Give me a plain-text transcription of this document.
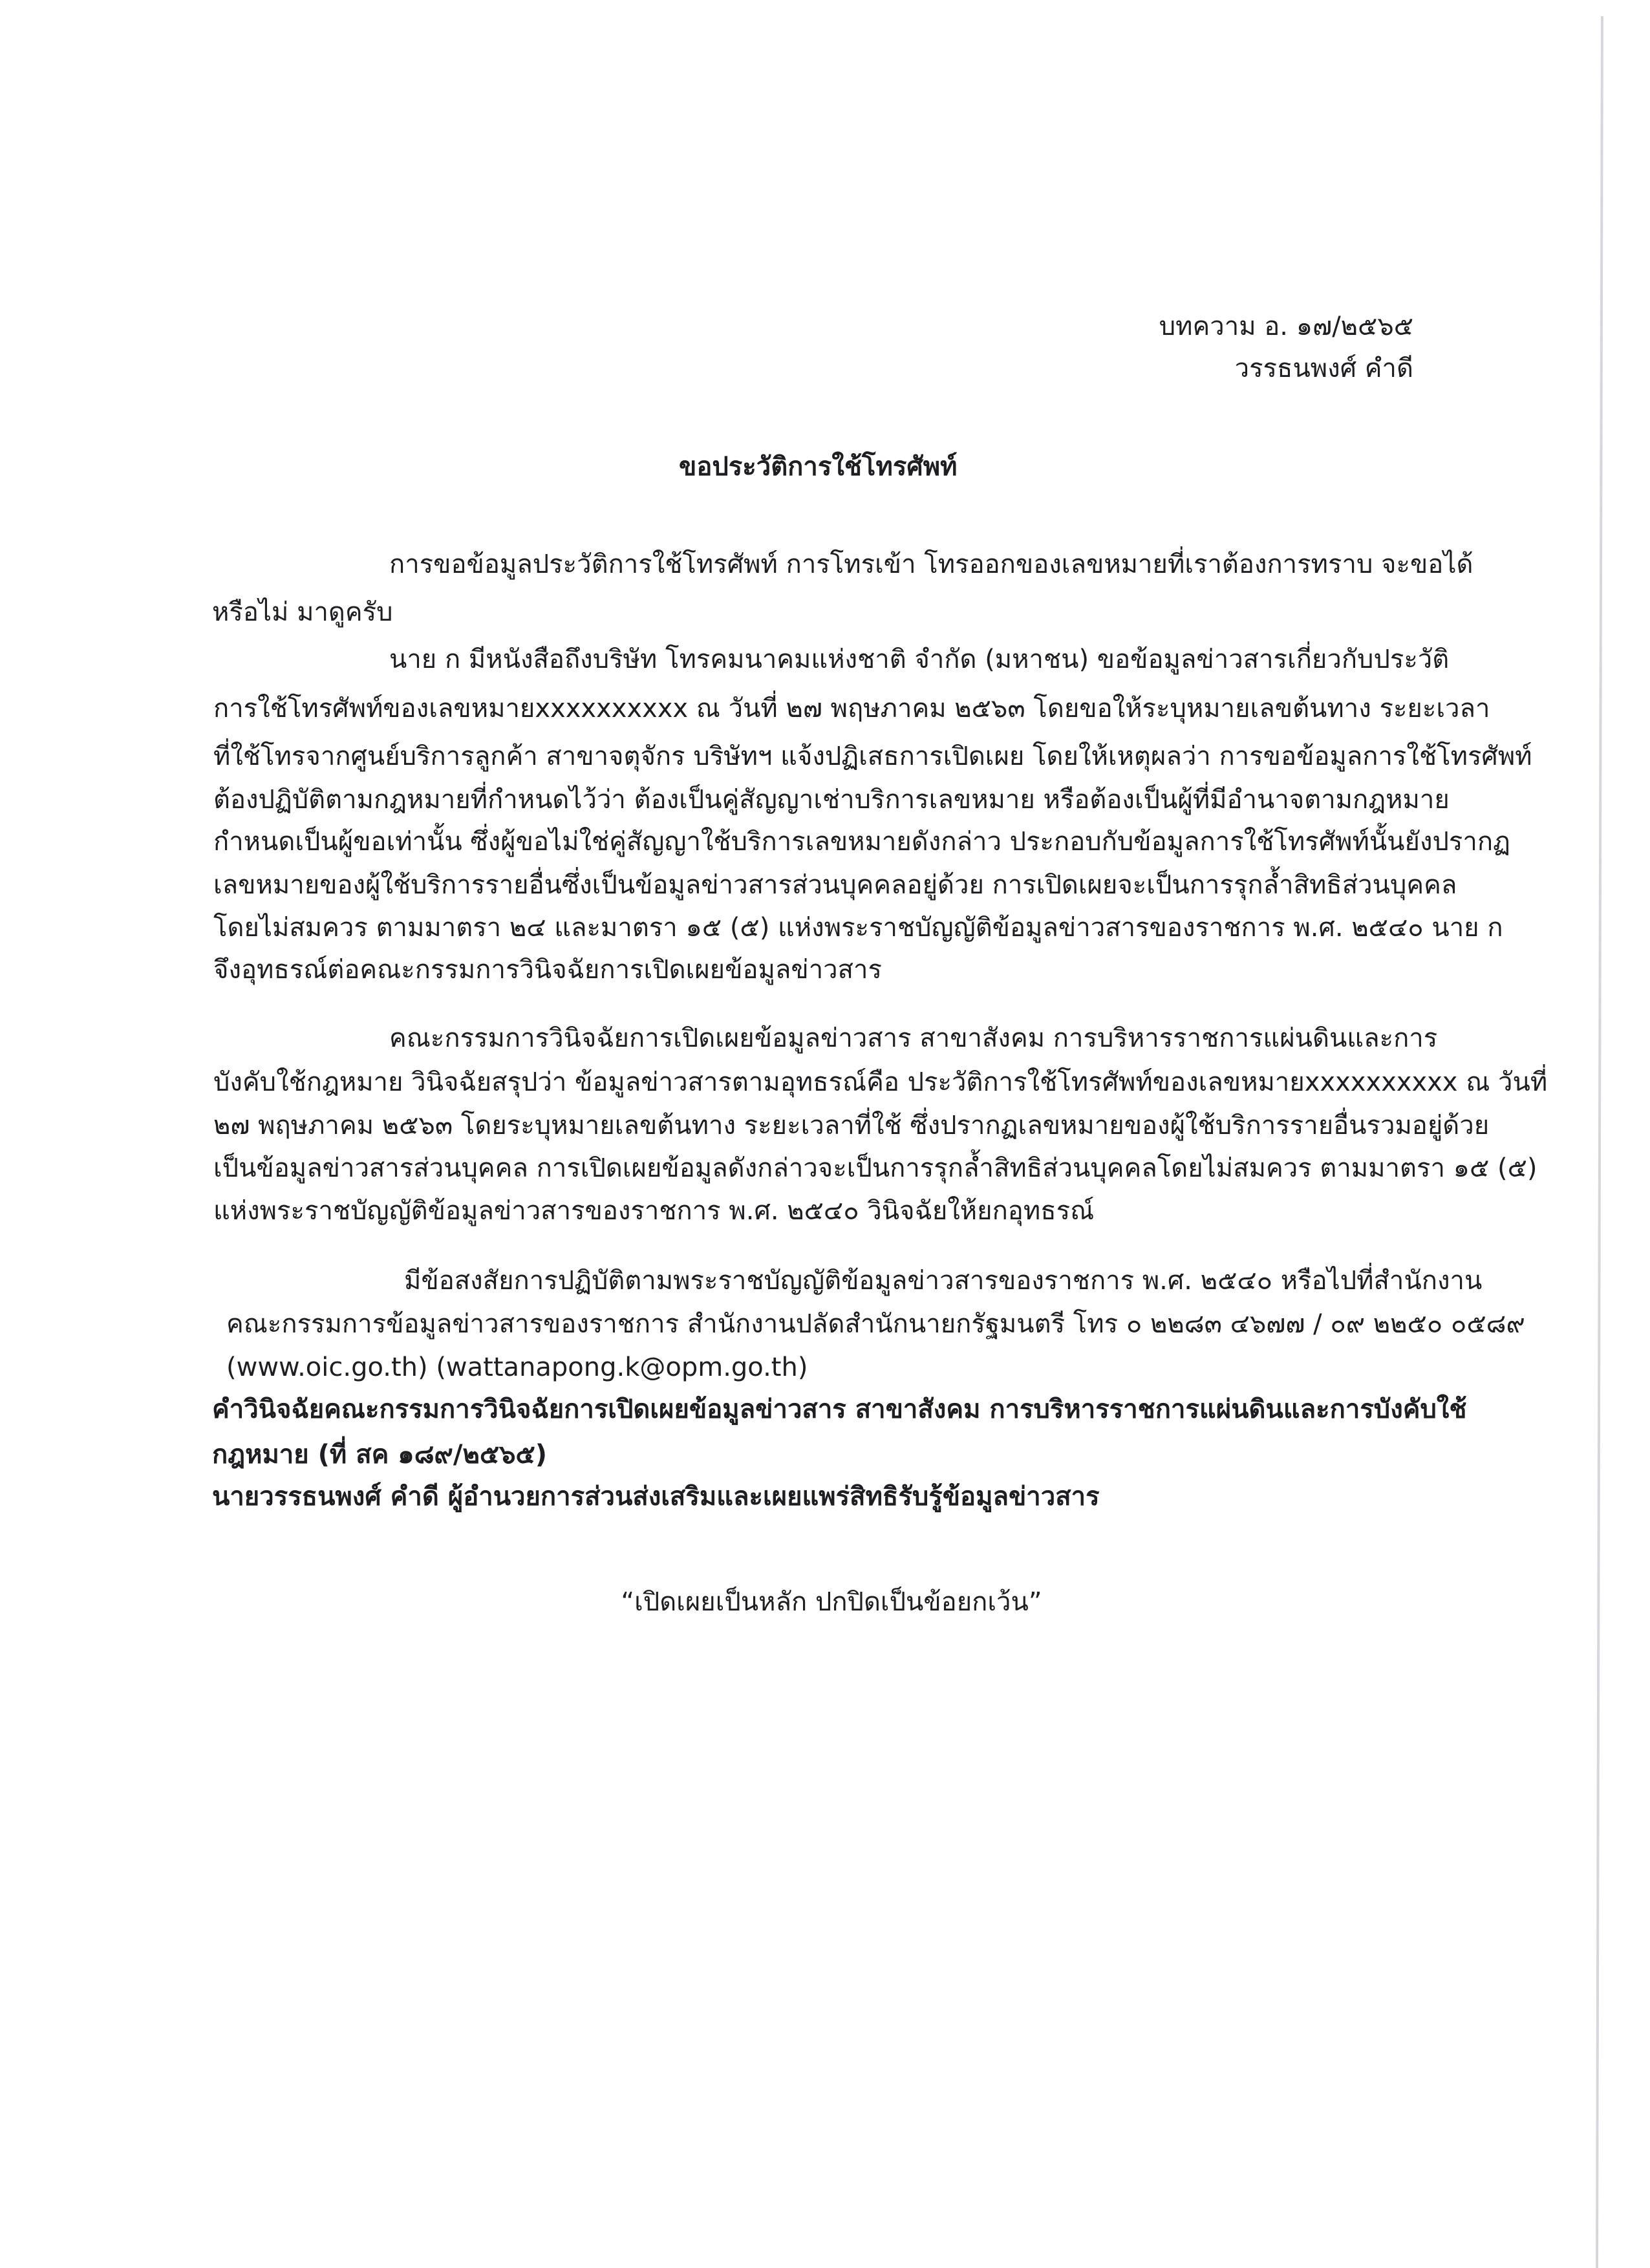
บทความ อ. ๑๗/๒๕๖๕
วรรธนพงศ์ คำดี
ขอประวัติการใช้โทรศัพท์
การขอข้อมูลประวัติการใช้โทรศัพท์ การโทรเข้า โทรออกของเลขหมายที่เราต้องการทราบ จะขอได้
หรือไม่ มาดูครับ
นาย ก มีหนังสือถึงบริษัท โทรคมนาคมแห่งชาติ จำกัด (มหาชน) ขอข้อมูลข่าวสารเกี่ยวกับประวัติ
การใช้โทรศัพท์ของเลขหมายxxxxxxxxxx ณ วันที่ ๒๗ พฤษภาคม ๒๕๖๓ โดยขอให้ระบุหมายเลขต้นทาง ระยะเวลา
ที่ใช้โทรจากศูนย์บริการลูกค้า สาขาจตุจักร บริษัทฯ แจ้งปฏิเสธการเปิดเผย โดยให้เหตุผลว่า การขอข้อมูลการใช้โทรศัพท์
ต้องปฏิบัติตามกฎหมายที่กำหนดไว้ว่า ต้องเป็นคู่สัญญาเช่าบริการเลขหมาย หรือต้องเป็นผู้ที่มีอำนาจตามกฎหมาย
กำหนดเป็นผู้ขอเท่านั้น ซึ่งผู้ขอไม่ใช่คู่สัญญาใช้บริการเลขหมายดังกล่าว ประกอบกับข้อมูลการใช้โทรศัพท์นั้นยังปรากฏ
เลขหมายของผู้ใช้บริการรายอื่นซึ่งเป็นข้อมูลข่าวสารส่วนบุคคลอยู่ด้วย การเปิดเผยจะเป็นการรุกล้ำสิทธิส่วนบุคคล
โดยไม่สมควร ตามมาตรา ๒๔ และมาตรา ๑๕ (๕) แห่งพระราชบัญญัติข้อมูลข่าวสารของราชการ พ.ศ. ๒๕๔๐ นาย ก
จึงอุทธรณ์ต่อคณะกรรมการวินิจฉัยการเปิดเผยข้อมูลข่าวสาร
คณะกรรมการวินิจฉัยการเปิดเผยข้อมูลข่าวสาร สาขาสังคม การบริหารราชการแผ่นดินและการ
บังคับใช้กฎหมาย วินิจฉัยสรุปว่า ข้อมูลข่าวสารตามอุทธรณ์คือ ประวัติการใช้โทรศัพท์ของเลขหมายxxxxxxxxxx ณ วันที่
๒๗ พฤษภาคม ๒๕๖๓ โดยระบุหมายเลขต้นทาง ระยะเวลาที่ใช้ ซึ่งปรากฏเลขหมายของผู้ใช้บริการรายอื่นรวมอยู่ด้วย
เป็นข้อมูลข่าวสารส่วนบุคคล การเปิดเผยข้อมูลดังกล่าวจะเป็นการรุกล้ำสิทธิส่วนบุคคลโดยไม่สมควร ตามมาตรา ๑๕ (๕)
แห่งพระราชบัญญัติข้อมูลข่าวสารของราชการ พ.ศ. ๒๕๔๐ วินิจฉัยให้ยกอุทธรณ์
มีข้อสงสัยการปฏิบัติตามพระราชบัญญัติข้อมูลข่าวสารของราชการ พ.ศ. ๒๕๔๐ หรือไปที่สำนักงาน
คณะกรรมการข้อมูลข่าวสารของราชการ สำนักงานปลัดสำนักนายกรัฐมนตรี โทร ๐ ๒๒๘๓ ๔๖๗๗ / ๐๙ ๒๒๕๐ ๐๕๘๙
(www.oic.go.th) (wattanapong.k@opm.go.th)
คำวินิจฉัยคณะกรรมการวินิจฉัยการเปิดเผยข้อมูลข่าวสาร สาขาสังคม การบริหารราชการแผ่นดินและการบังคับใช้
กฎหมาย (ที่ สค ๑๘๙/๒๕๖๕)
นายวรรธนพงศ์ คำดี ผู้อำนวยการส่วนส่งเสริมและเผยแพร่สิทธิรับรู้ข้อมูลข่าวสาร
“เปิดเผยเป็นหลัก ปกปิดเป็นข้อยกเว้น”
